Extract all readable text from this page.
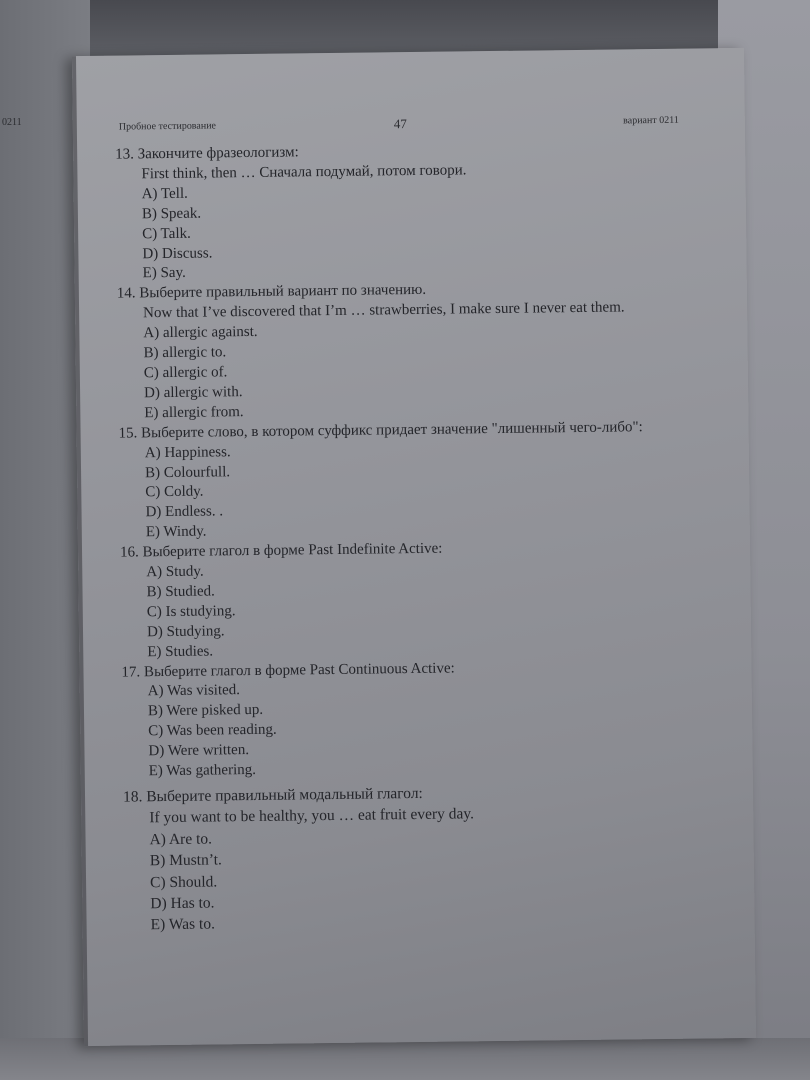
0211	Пробное тестирование	47	вариант 0211
13. Закончите фразеологизм:
First think, then … Сначала подумай, потом говори.
A) Tell.
B) Speak.
C) Talk.
D) Discuss.
E) Say.
14. Выберите правильный вариант по значению.
Now that I’ve discovered that I’m … strawberries, I make sure I never eat them.
A) allergic against.
B) allergic to.
C) allergic of.
D) allergic with.
E) allergic from.
15. Выберите слово, в котором суффикс придает значение "лишенный чего-либо":
A) Happiness.
B) Colourfull.
C) Coldy.
D) Endless. .
E) Windy.
16. Выберите глагол в форме Past Indefinite Active:
A) Study.
B) Studied.
C) Is studying.
D) Studying.
E) Studies.
17. Выберите глагол в форме Past Continuous Active:
A) Was visited.
B) Were pisked up.
C) Was been reading.
D) Were written.
E) Was gathering.
18. Выберите правильный модальный глагол:
If you want to be healthy, you … eat fruit every day.
A) Are to.
B) Mustn’t.
C) Should.
D) Has to.
E) Was to.
